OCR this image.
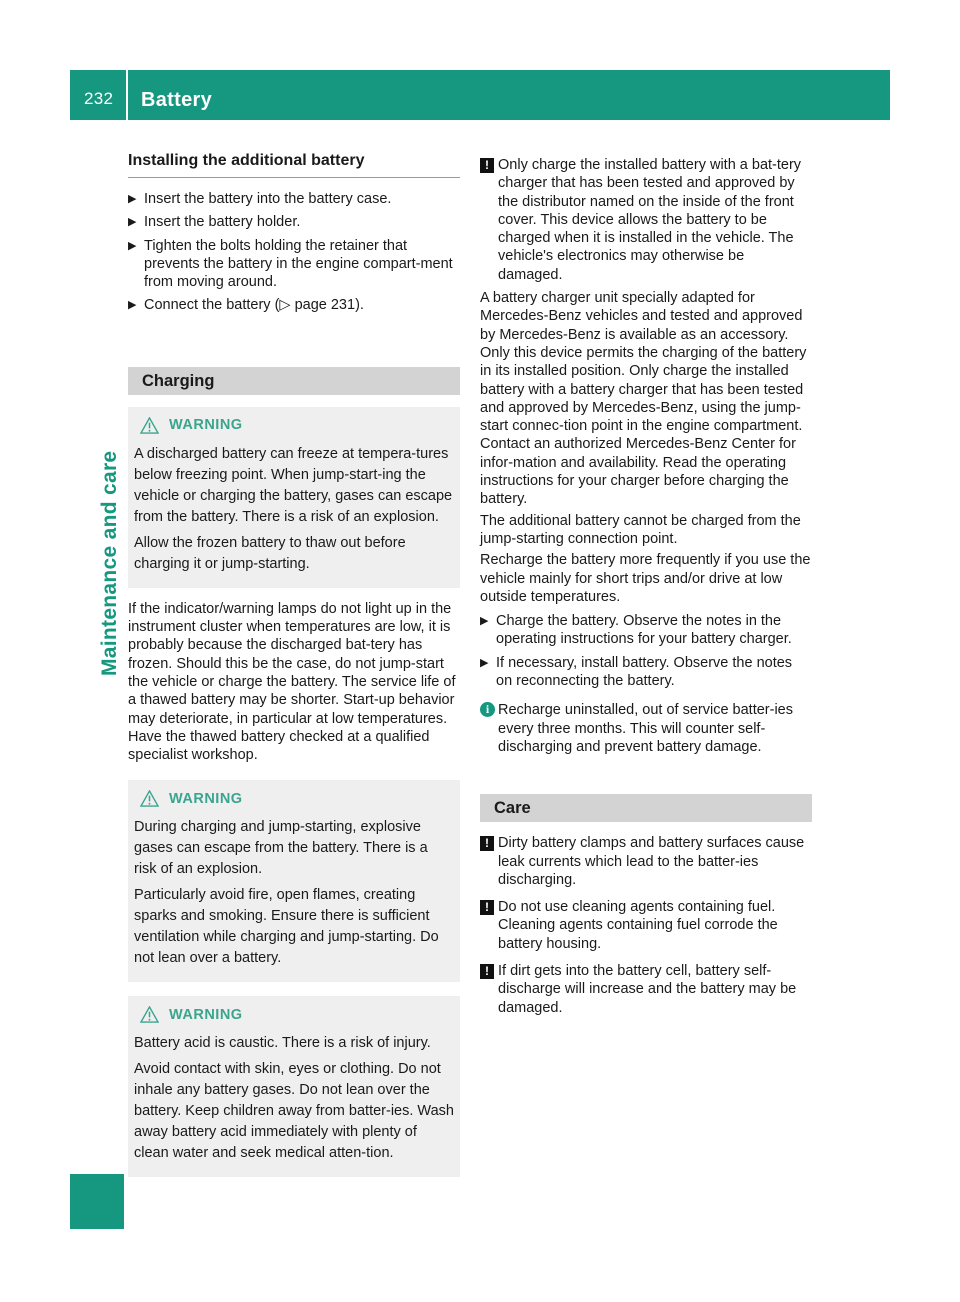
232 Battery
Maintenance and care
Installing the additional battery
▶ Insert the battery into the battery case.
▶ Insert the battery holder.
▶ Tighten the bolts holding the retainer that prevents the battery in the engine compart-ment from moving around.
▶ Connect the battery (▷ page 231).
Charging
WARNING

A discharged battery can freeze at tempera-tures below freezing point. When jump-start-ing the vehicle or charging the battery, gases can escape from the battery. There is a risk of an explosion.

Allow the frozen battery to thaw out before charging it or jump-starting.

If the indicator/warning lamps do not light up in the instrument cluster when temperatures are low, it is probably because the discharged bat-tery has frozen. Should this be the case, do not jump-start the vehicle or charge the battery. The service life of a thawed battery may be shorter. Start-up behavior may deteriorate, in particular at low temperatures. Have the thawed battery checked at a qualified specialist workshop.

WARNING

During charging and jump-starting, explosive gases can escape from the battery. There is a risk of an explosion.

Particularly avoid fire, open flames, creating sparks and smoking. Ensure there is sufficient ventilation while charging and jump-starting. Do not lean over a battery.

WARNING

Battery acid is caustic. There is a risk of injury.

Avoid contact with skin, eyes or clothing. Do not inhale any battery gases. Do not lean over the battery. Keep children away from batter-ies. Wash away battery acid immediately with plenty of clean water and seek medical atten-tion.

! Only charge the installed battery with a bat-tery charger that has been tested and approved by the distributor named on the inside of the front cover. This device allows the battery to be charged when it is installed in the vehicle. The vehicle's electronics may otherwise be damaged.

A battery charger unit specially adapted for Mercedes-Benz vehicles and tested and approved by Mercedes-Benz is available as an accessory. Only this device permits the charging of the battery in its installed position. Only charge the installed battery with a battery charger that has been tested and approved by Mercedes-Benz, using the jump-start connec-tion point in the engine compartment. Contact an authorized Mercedes-Benz Center for infor-mation and availability. Read the operating instructions for your charger before charging the battery.

The additional battery cannot be charged from the jump-starting connection point.

Recharge the battery more frequently if you use the vehicle mainly for short trips and/or drive at low outside temperatures.

▶ Charge the battery. Observe the notes in the operating instructions for your battery charger.
▶ If necessary, install battery. Observe the notes on reconnecting the battery.
i Recharge uninstalled, out of service batter-ies every three months. This will counter self-discharging and prevent battery damage.
Care
! Dirty battery clamps and battery surfaces cause leak currents which lead to the batter-ies discharging.
! Do not use cleaning agents containing fuel. Cleaning agents containing fuel corrode the battery housing.
! If dirt gets into the battery cell, battery self-discharge will increase and the battery may be damaged.
